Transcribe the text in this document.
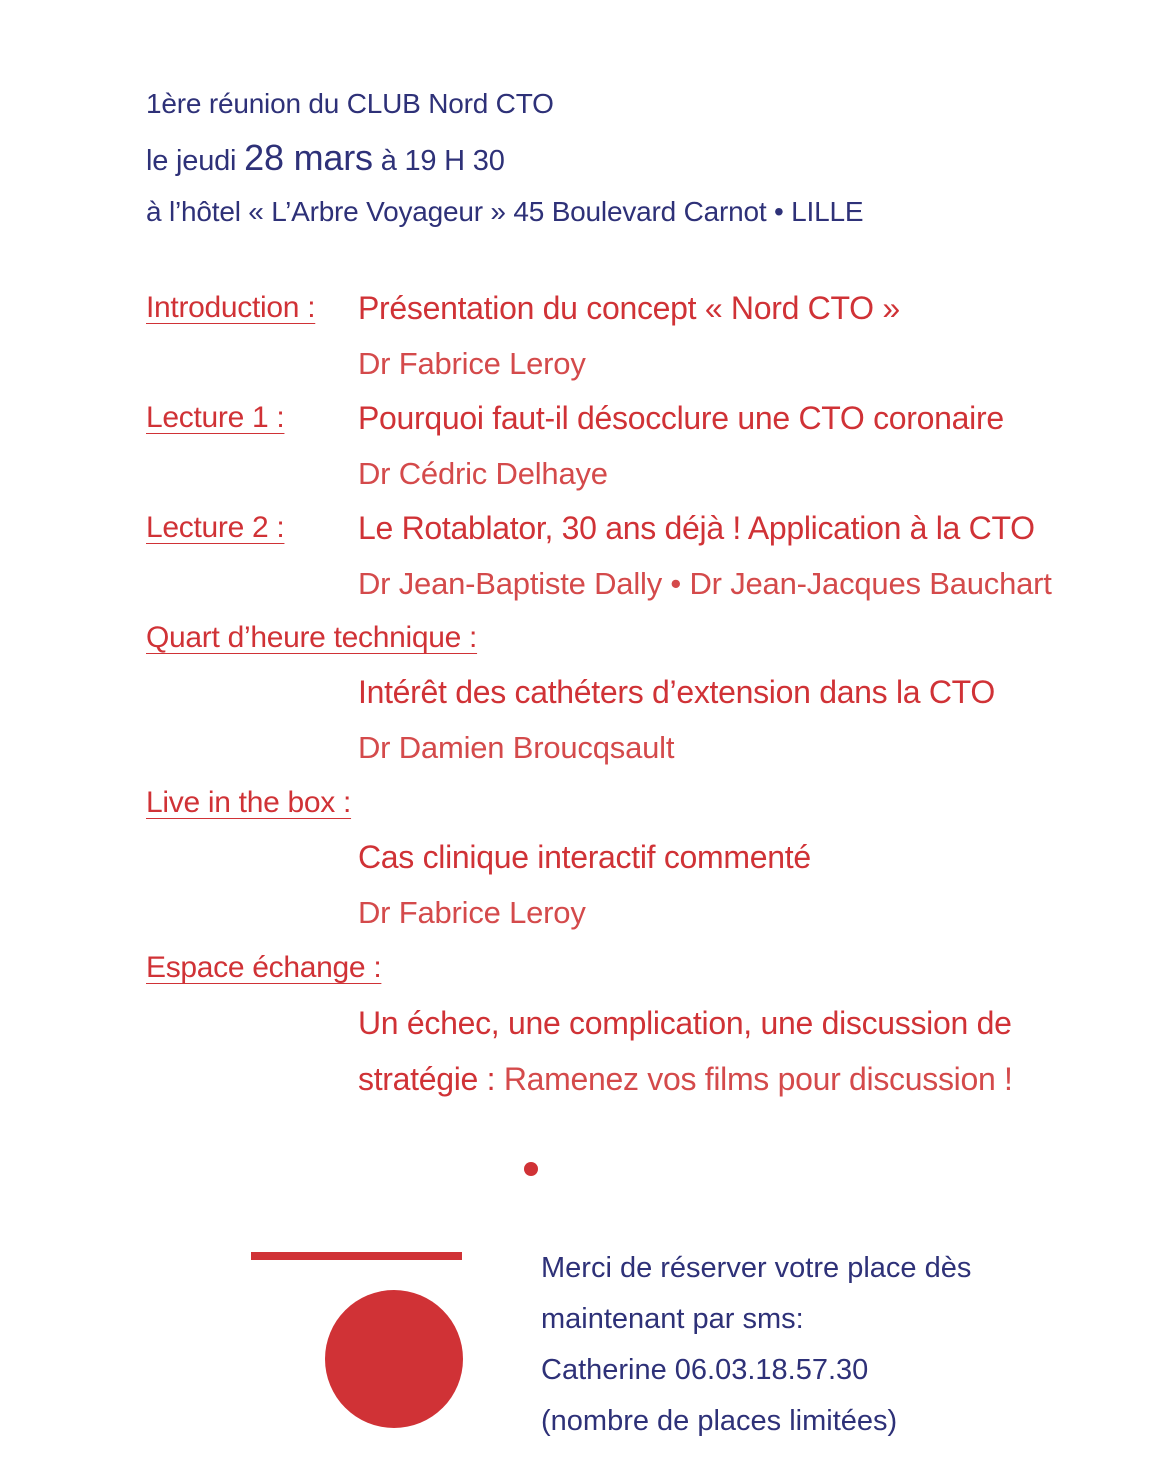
1ère réunion du CLUB Nord CTO
le jeudi 28 mars à 19 H 30
à l’hôtel « L’Arbre Voyageur » 45 Boulevard Carnot • LILLE
Introduction : Présentation du concept « Nord CTO »
Dr Fabrice Leroy
Lecture 1 : Pourquoi faut-il désocclure une CTO coronaire
Dr Cédric Delhaye
Lecture 2 : Le Rotablator, 30 ans déjà ! Application à la CTO
Dr Jean-Baptiste Dally • Dr Jean-Jacques Bauchart
Quart d’heure technique :
Intérêt des cathéters d’extension dans la CTO
Dr Damien Broucqsault
Live in the box :
Cas clinique interactif commenté
Dr Fabrice Leroy
Espace échange :
Un échec, une complication, une discussion de
stratégie : Ramenez vos films pour discussion !
Merci de réserver votre place dès
maintenant par sms:
Catherine 06.03.18.57.30
(nombre de places limitées)
